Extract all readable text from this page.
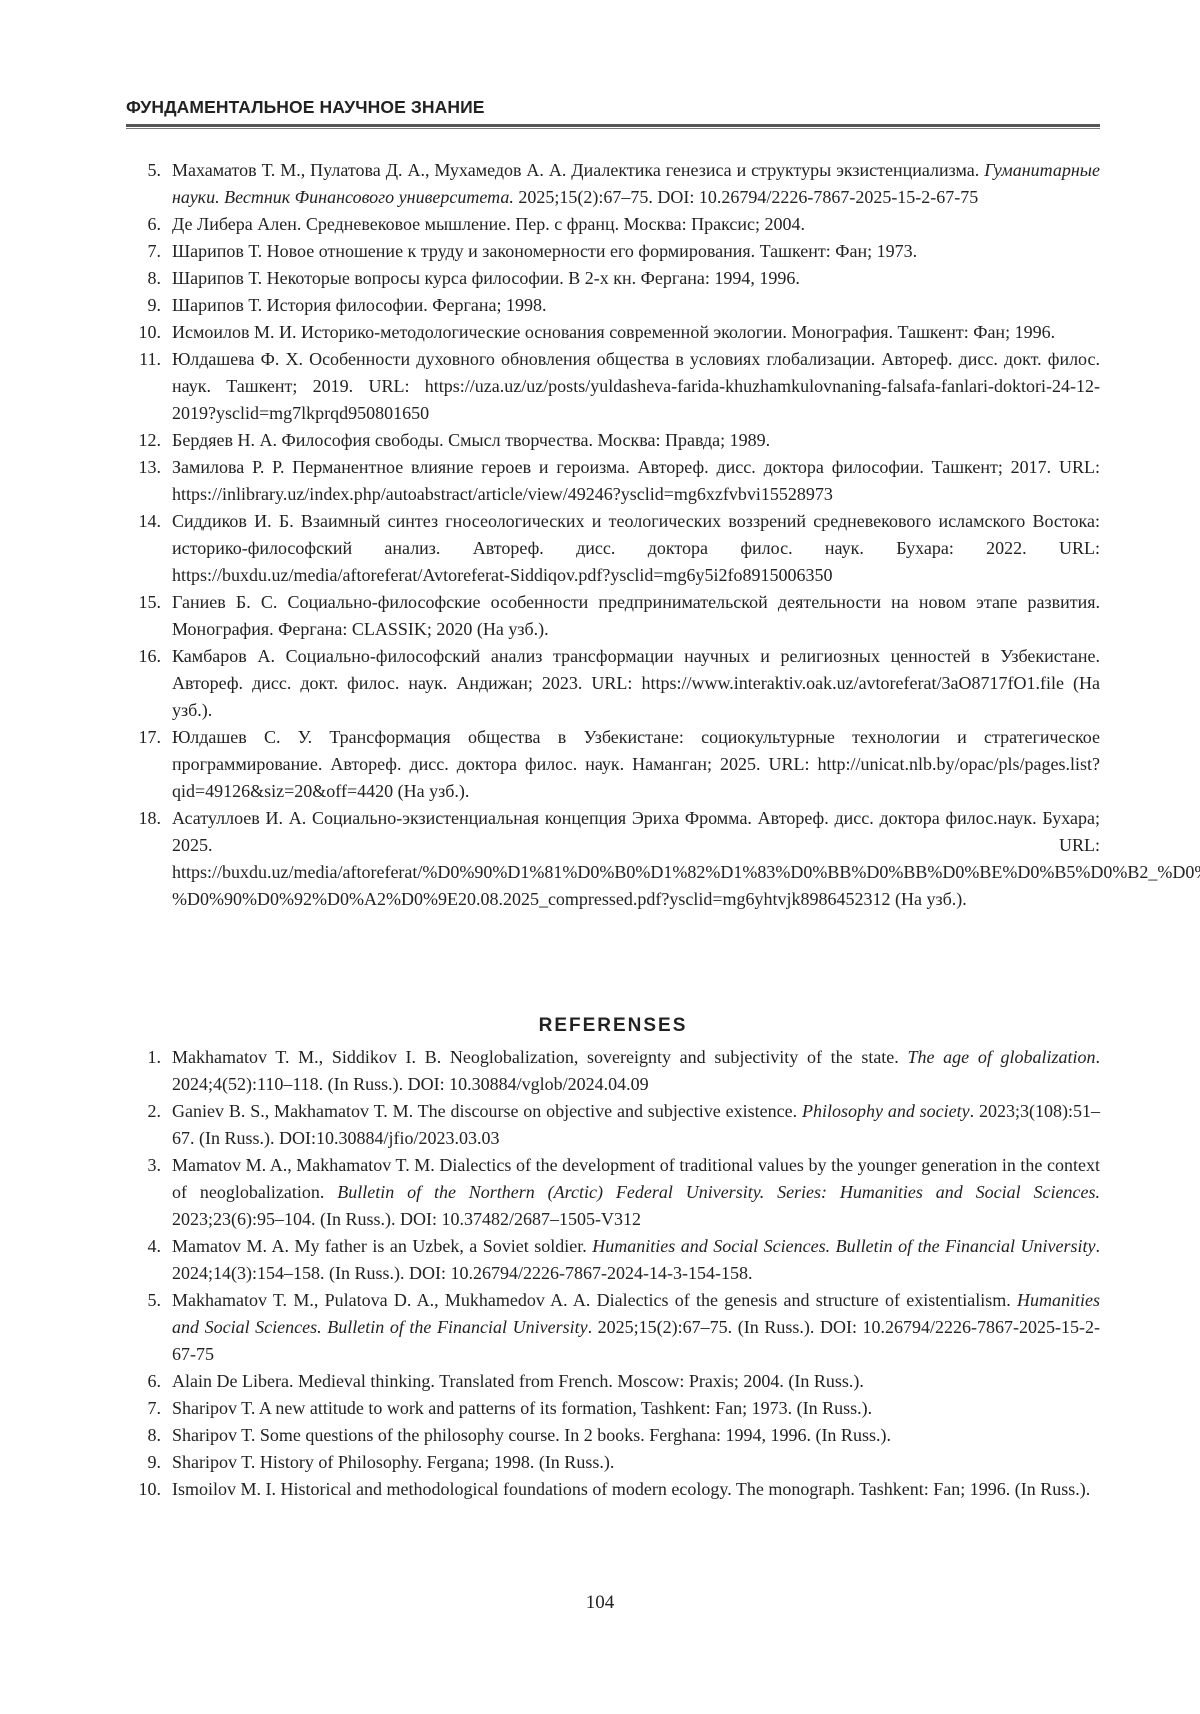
ФУНДАМЕНТАЛЬНОЕ НАУЧНОЕ ЗНАНИЕ
5. Махаматов Т. М., Пулатова Д. А., Мухамедов А. А. Диалектика генезиса и структуры экзистенциализма. Гуманитарные науки. Вестник Финансового университета. 2025;15(2):67–75. DOI: 10.26794/2226-7867-2025-15-2-67-75
6. Де Либера Ален. Средневековое мышление. Пер. с франц. Москва: Праксис; 2004.
7. Шарипов Т. Новое отношение к труду и закономерности его формирования. Ташкент: Фан; 1973.
8. Шарипов Т. Некоторые вопросы курса философии. В 2-х кн. Фергана: 1994, 1996.
9. Шарипов Т. История философии. Фергана; 1998.
10. Исмоилов М. И. Историко-методологические основания современной экологии. Монография. Ташкент: Фан; 1996.
11. Юлдашева Ф. Х. Особенности духовного обновления общества в условиях глобализации. Автореф. дисс. докт. филос. наук. Ташкент; 2019. URL: https://uza.uz/uz/posts/yuldasheva-farida-khuzhamkulovnaning-falsafa-fanlari-doktori-24-12-2019?ysclid=mg7lkprqd950801650
12. Бердяев Н. А. Философия свободы. Смысл творчества. Москва: Правда; 1989.
13. Замилова Р. Р. Перманентное влияние героев и героизма. Автореф. дисс. доктора философии. Ташкент; 2017. URL: https://inlibrary.uz/index.php/autoabstract/article/view/49246?ysclid=mg6xzfvbvi15528973
14. Сиддиков И. Б. Взаимный синтез гносеологических и теологических воззрений средневекового исламского Востока: историко-философский анализ. Автореф. дисс. доктора филос. наук. Бухара: 2022. URL: https://buxdu.uz/media/aftoreferat/Avtoreferat-Siddiqov.pdf?ysclid=mg6y5i2fo8915006350
15. Ганиев Б. С. Социально-философские особенности предпринимательской деятельности на новом этапе развития. Монография. Фергана: CLASSIK; 2020 (На узб.).
16. Камбаров А. Социально-философский анализ трансформации научных и религиозных ценностей в Узбекистане. Автореф. дисс. докт. филос. наук. Андижан; 2023. URL: https://www.interaktiv.oak.uz/avtoreferat/3aO8717fO1.file (На узб.).
17. Юлдашев С. У. Трансформация общества в Узбекистане: социокультурные технологии и стратегическое программирование. Автореф. дисс. доктора филос. наук. Наманган; 2025. URL: http://unicat.nlb.by/opac/pls/pages.list?qid=49126&siz=20&off=4420 (На узб.).
18. Асатуллоев И. А. Социально-экзистенциальная концепция Эриха Фромма. Автореф. дисс. доктора филос.наук. Бухара; 2025. URL: https://buxdu.uz/media/aftoreferat/%D0%90%D1%81%D0%B0%D1%82%D1%83%D0%BB%D0%BB%D0%BE%D0%B5%D0%B2_%D0%98-%D0%90%D0%92%D0%A2%D0%9E20.08.2025_compressed.pdf?ysclid=mg6yhtvjk8986452312 (На узб.).
REFERENSES
1. Makhamatov T. M., Siddikov I. B. Neoglobalization, sovereignty and subjectivity of the state. The age of globalization. 2024;4(52):110–118. (In Russ.). DOI: 10.30884/vglob/2024.04.09
2. Ganiev B. S., Makhamatov T. M. The discourse on objective and subjective existence. Philosophy and society. 2023;3(108):51–67. (In Russ.). DOI:10.30884/jfio/2023.03.03
3. Mamatov M. A., Makhamatov T. M. Dialectics of the development of traditional values by the younger generation in the context of neoglobalization. Bulletin of the Northern (Arctic) Federal University. Series: Humanities and Social Sciences. 2023;23(6):95–104. (In Russ.). DOI: 10.37482/2687–1505-V312
4. Mamatov M. A. My father is an Uzbek, a Soviet soldier. Humanities and Social Sciences. Bulletin of the Financial University. 2024;14(3):154–158. (In Russ.). DOI: 10.26794/2226-7867-2024-14-3-154-158.
5. Makhamatov T. M., Pulatova D. A., Mukhamedov A. A. Dialectics of the genesis and structure of existentialism. Humanities and Social Sciences. Bulletin of the Financial University. 2025;15(2):67–75. (In Russ.). DOI: 10.26794/2226-7867-2025-15-2-67-75
6. Alain De Libera. Medieval thinking. Translated from French. Moscow: Praxis; 2004. (In Russ.).
7. Sharipov T. A new attitude to work and patterns of its formation, Tashkent: Fan; 1973. (In Russ.).
8. Sharipov T. Some questions of the philosophy course. In 2 books. Ferghana: 1994, 1996. (In Russ.).
9. Sharipov T. History of Philosophy. Fergana; 1998. (In Russ.).
10. Ismoilov M. I. Historical and methodological foundations of modern ecology. The monograph. Tashkent: Fan; 1996. (In Russ.).
104
